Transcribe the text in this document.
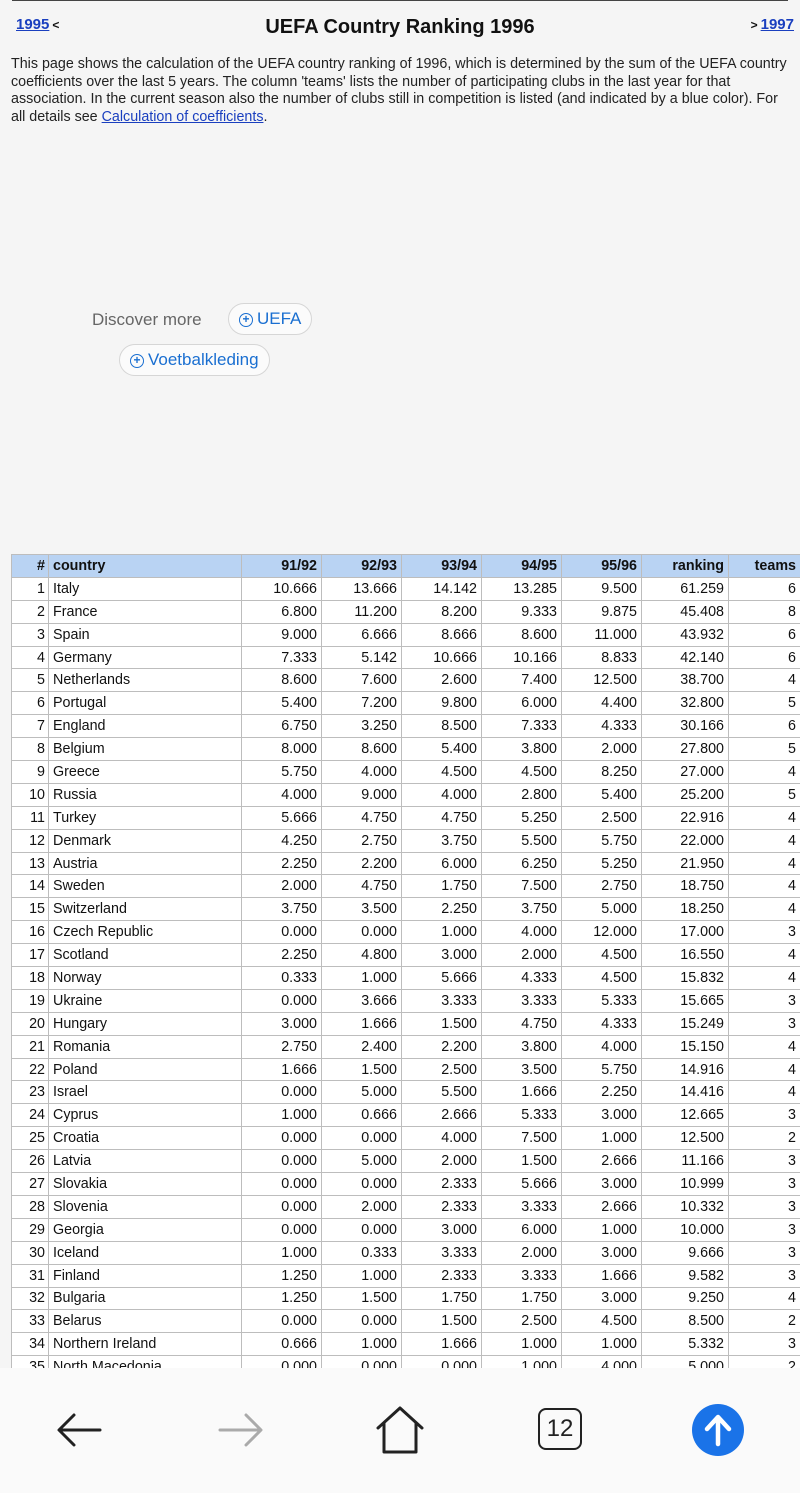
1995 <	UEFA Country Ranking 1996	> 1997
This page shows the calculation of the UEFA country ranking of 1996, which is determined by the sum of the UEFA country coefficients over the last 5 years. The column 'teams' lists the number of participating clubs in the last year for that association. In the current season also the number of clubs still in competition is listed (and indicated by a blue color). For all details see Calculation of coefficients.
Discover more	+ UEFA
+ Voetbalkleding
#	country	91/92	92/93	93/94	94/95	95/96	ranking	teams
1	Italy	10.666	13.666	14.142	13.285	9.500	61.259	6
2	France	6.800	11.200	8.200	9.333	9.875	45.408	8
3	Spain	9.000	6.666	8.666	8.600	11.000	43.932	6
4	Germany	7.333	5.142	10.666	10.166	8.833	42.140	6
5	Netherlands	8.600	7.600	2.600	7.400	12.500	38.700	4
6	Portugal	5.400	7.200	9.800	6.000	4.400	32.800	5
7	England	6.750	3.250	8.500	7.333	4.333	30.166	6
8	Belgium	8.000	8.600	5.400	3.800	2.000	27.800	5
9	Greece	5.750	4.000	4.500	4.500	8.250	27.000	4
10	Russia	4.000	9.000	4.000	2.800	5.400	25.200	5
11	Turkey	5.666	4.750	4.750	5.250	2.500	22.916	4
12	Denmark	4.250	2.750	3.750	5.500	5.750	22.000	4
13	Austria	2.250	2.200	6.000	6.250	5.250	21.950	4
14	Sweden	2.000	4.750	1.750	7.500	2.750	18.750	4
15	Switzerland	3.750	3.500	2.250	3.750	5.000	18.250	4
16	Czech Republic	0.000	0.000	1.000	4.000	12.000	17.000	3
17	Scotland	2.250	4.800	3.000	2.000	4.500	16.550	4
18	Norway	0.333	1.000	5.666	4.333	4.500	15.832	4
19	Ukraine	0.000	3.666	3.333	3.333	5.333	15.665	3
20	Hungary	3.000	1.666	1.500	4.750	4.333	15.249	3
21	Romania	2.750	2.400	2.200	3.800	4.000	15.150	4
22	Poland	1.666	1.500	2.500	3.500	5.750	14.916	4
23	Israel	0.000	5.000	5.500	1.666	2.250	14.416	4
24	Cyprus	1.000	0.666	2.666	5.333	3.000	12.665	3
25	Croatia	0.000	0.000	4.000	7.500	1.000	12.500	2
26	Latvia	0.000	5.000	2.000	1.500	2.666	11.166	3
27	Slovakia	0.000	0.000	2.333	5.666	3.000	10.999	3
28	Slovenia	0.000	2.000	2.333	3.333	2.666	10.332	3
29	Georgia	0.000	0.000	3.000	6.000	1.000	10.000	3
30	Iceland	1.000	0.333	3.333	2.000	3.000	9.666	3
31	Finland	1.250	1.000	2.333	3.333	1.666	9.582	3
32	Bulgaria	1.250	1.500	1.750	1.750	3.000	9.250	4
33	Belarus	0.000	0.000	1.500	2.500	4.500	8.500	2
34	Northern Ireland	0.666	1.000	1.666	1.000	1.000	5.332	3

12
